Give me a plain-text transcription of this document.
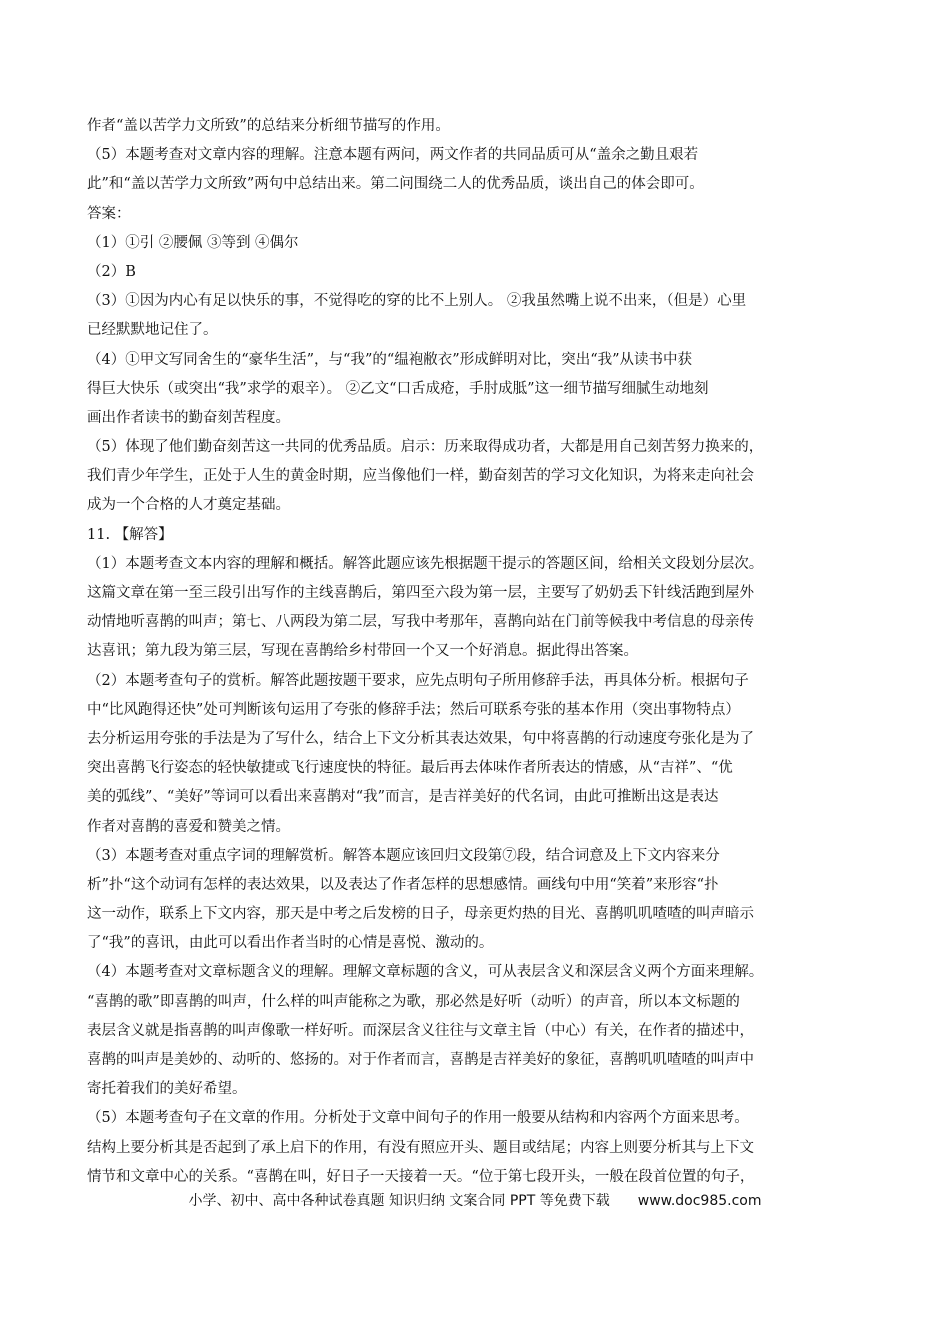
作者“盖以苦学力文所致”的总结来分析细节描写的作用。
（5）本题考查对文章内容的理解。注意本题有两问，两文作者的共同品质可从“盖余之勤且艰若
此”和“盖以苦学力文所致”两句中总结出来。第二问围绕二人的优秀品质，谈出自己的体会即可。
答案：
（1）①引 ②腰佩 ③等到 ④偶尔
（2）B
（3）①因为内心有足以快乐的事，不觉得吃的穿的比不上别人。 ②我虽然嘴上说不出来，（但是）心里
已经默默地记住了。
（4）①甲文写同舍生的“豪华生活”，与“我”的“缊袍敝衣”形成鲜明对比，突出“我”从读书中获
得巨大快乐（或突出“我”求学的艰辛）。 ②乙文“口舌成疮，手肘成胝”这一细节描写细腻生动地刻
画出作者读书的勤奋刻苦程度。
（5）体现了他们勤奋刻苦这一共同的优秀品质。启示：历来取得成功者，大都是用自己刻苦努力换来的，
我们青少年学生，正处于人生的黄金时期，应当像他们一样，勤奋刻苦的学习文化知识，为将来走向社会
成为一个合格的人才奠定基础。
11. 【解答】
（1）本题考查文本内容的理解和概括。解答此题应该先根据题干提示的答题区间，给相关文段划分层次。
这篇文章在第一至三段引出写作的主线喜鹊后，第四至六段为第一层，主要写了奶奶丢下针线活跑到屋外
动情地听喜鹊的叫声；第七、八两段为第二层，写我中考那年，喜鹊向站在门前等候我中考信息的母亲传
达喜讯；第九段为第三层，写现在喜鹊给乡村带回一个又一个好消息。据此得出答案。
（2）本题考查句子的赏析。解答此题按题干要求，应先点明句子所用修辞手法，再具体分析。根据句子
中“比风跑得还快”处可判断该句运用了夸张的修辞手法；然后可联系夸张的基本作用（突出事物特点）
去分析运用夸张的手法是为了写什么，结合上下文分析其表达效果，句中将喜鹊的行动速度夸张化是为了
突出喜鹊飞行姿态的轻快敏捷或飞行速度快的特征。最后再去体味作者所表达的情感，从“吉祥”、“优
美的弧线”、“美好”等词可以看出来喜鹊对“我”而言，是吉祥美好的代名词，由此可推断出这是表达
作者对喜鹊的喜爱和赞美之情。
（3）本题考查对重点字词的理解赏析。解答本题应该回归文段第⑦段，结合词意及上下文内容来分
析”扑“这个动词有怎样的表达效果，以及表达了作者怎样的思想感情。画线句中用“笑着”来形容“扑
这一动作，联系上下文内容，那天是中考之后发榜的日子，母亲更灼热的目光、喜鹊叽叽喳喳的叫声暗示
了“我”的喜讯，由此可以看出作者当时的心情是喜悦、激动的。
（4）本题考查对文章标题含义的理解。理解文章标题的含义，可从表层含义和深层含义两个方面来理解。
“喜鹊的歌”即喜鹊的叫声，什么样的叫声能称之为歌，那必然是好听（动听）的声音，所以本文标题的
表层含义就是指喜鹊的叫声像歌一样好听。而深层含义往往与文章主旨（中心）有关，在作者的描述中，
喜鹊的叫声是美妙的、动听的、悠扬的。对于作者而言，喜鹊是吉祥美好的象征，喜鹊叽叽喳喳的叫声中
寄托着我们的美好希望。
（5）本题考查句子在文章的作用。分析处于文章中间句子的作用一般要从结构和内容两个方面来思考。
结构上要分析其是否起到了承上启下的作用，有没有照应开头、题目或结尾；内容上则要分析其与上下文
情节和文章中心的关系。“喜鹊在叫，好日子一天接着一天。“位于第七段开头，一般在段首位置的句子，
小学、初中、高中各种试卷真题 知识归纳 文案合同 PPT 等免费下载 www.doc985.com
